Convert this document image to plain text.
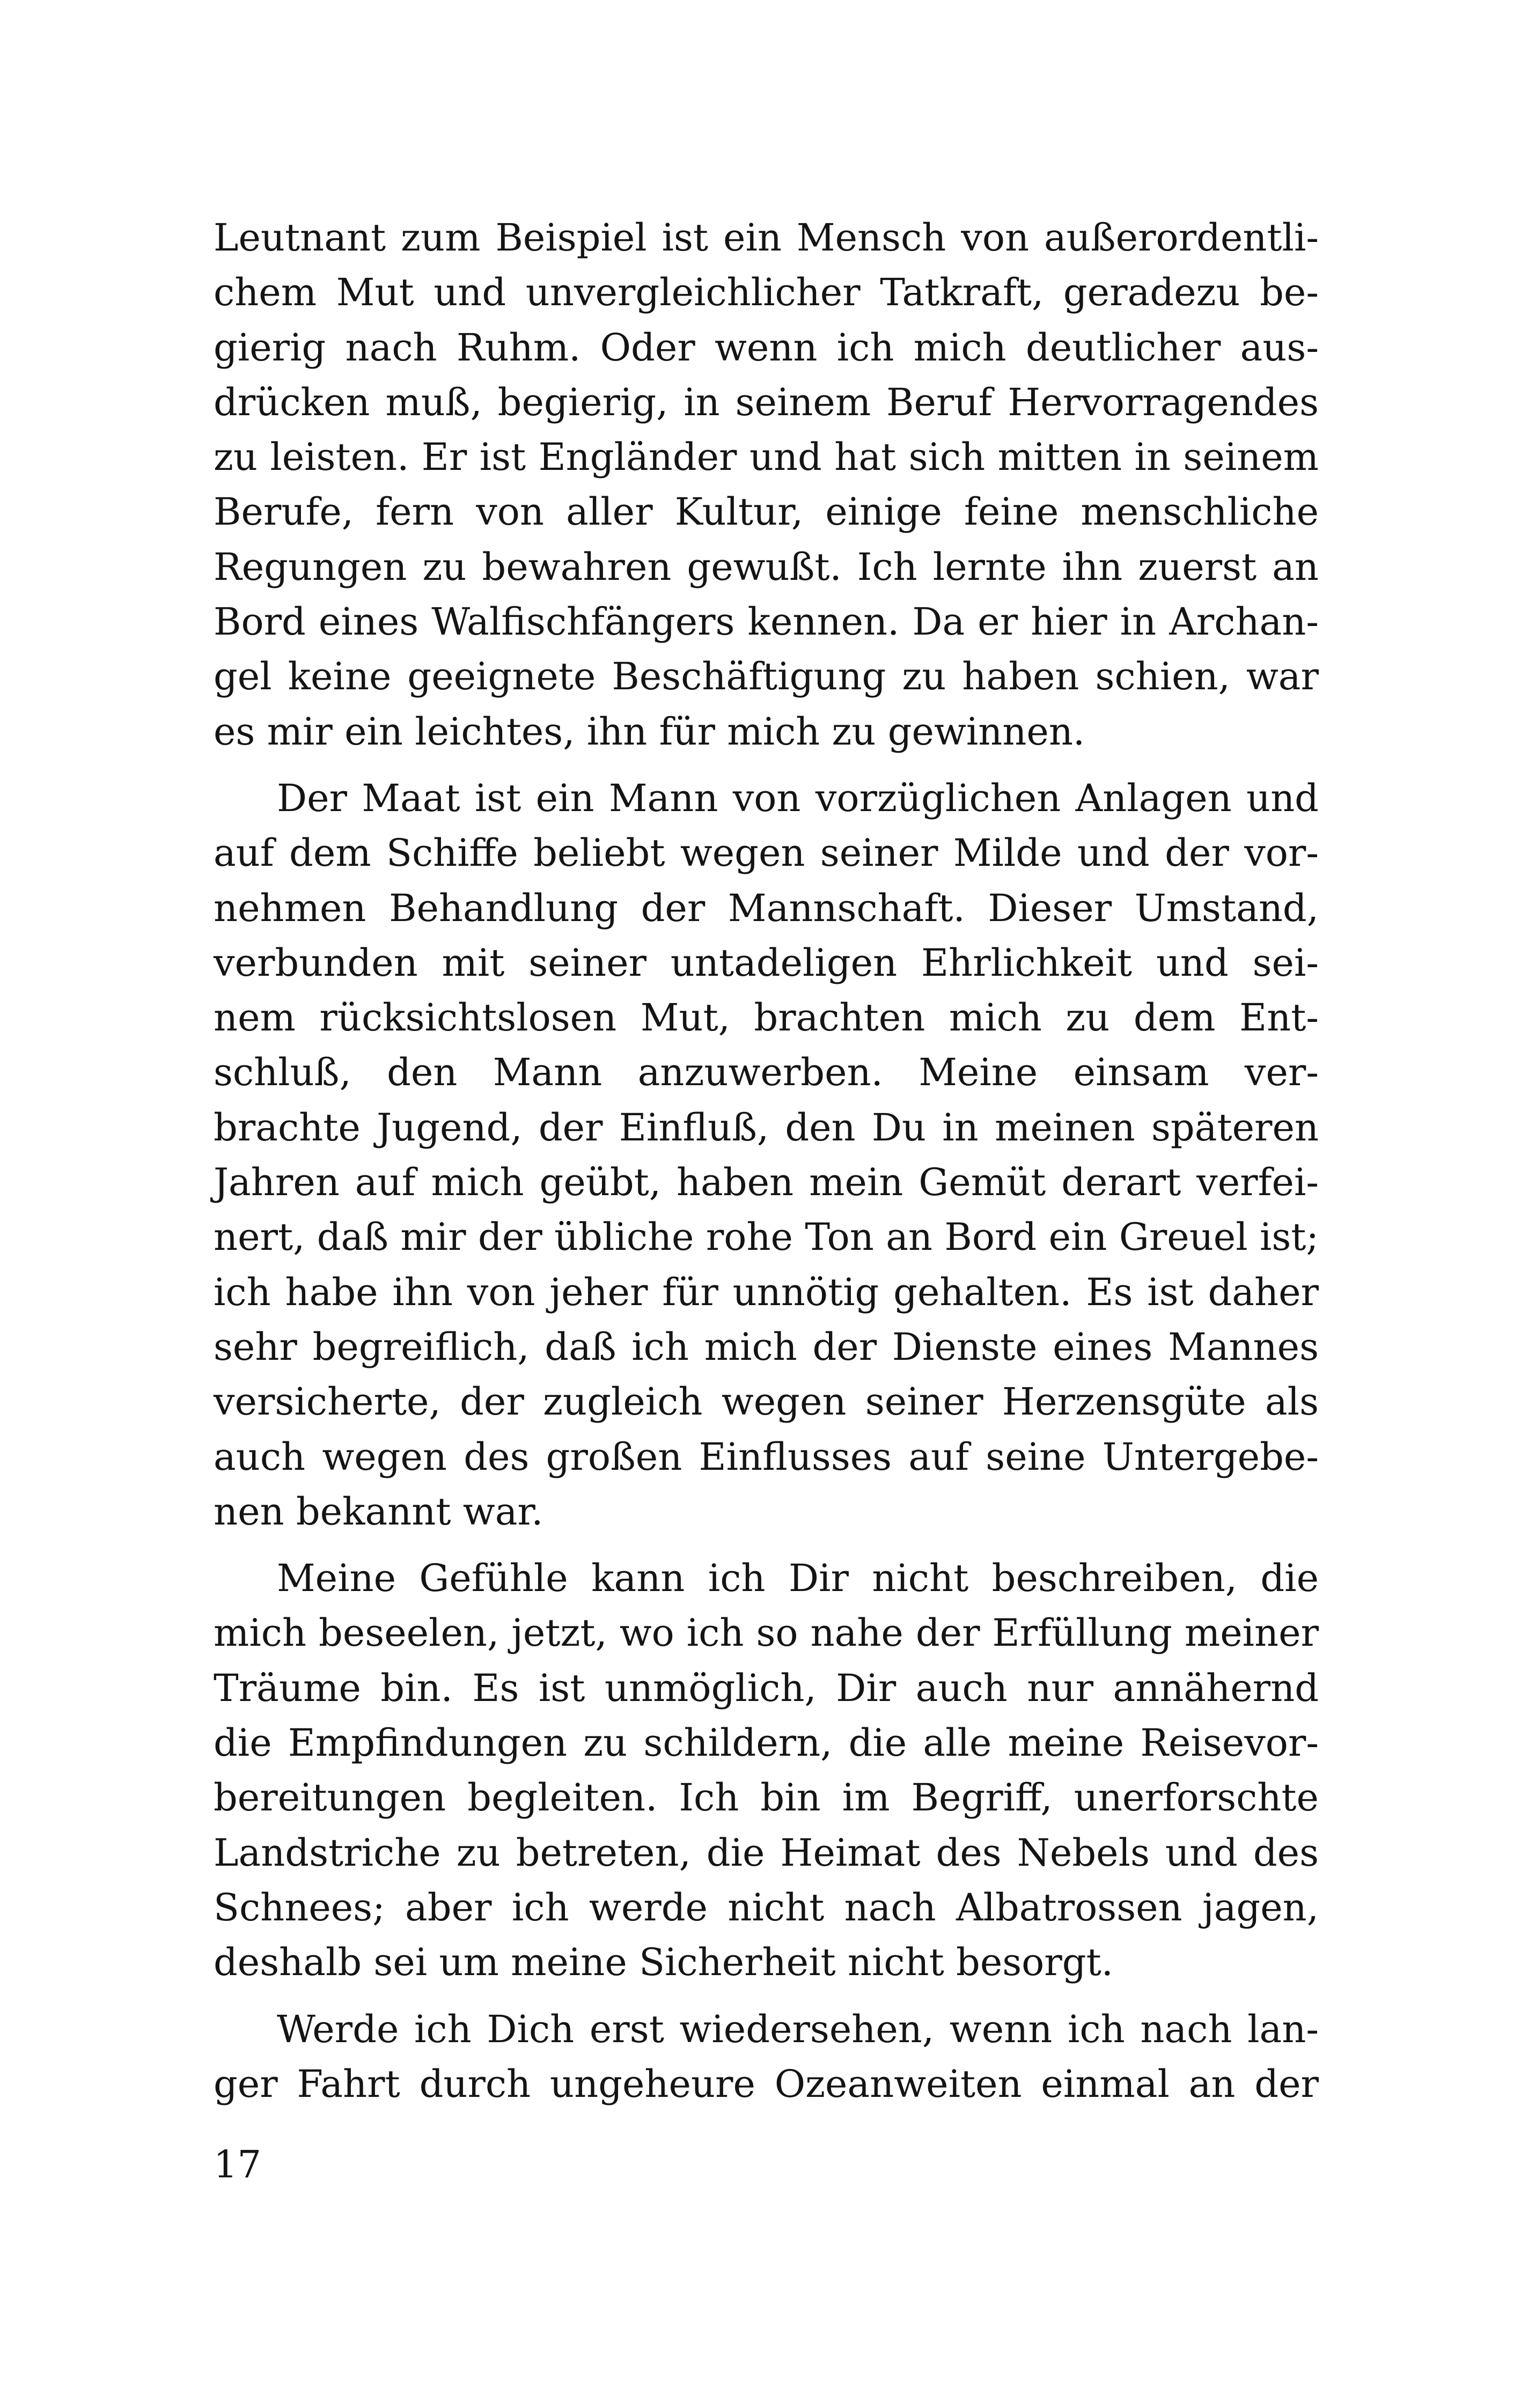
Leutnant zum Beispiel ist ein Mensch von außerordentli-
chem Mut und unvergleichlicher Tatkraft, geradezu be-
gierig nach Ruhm. Oder wenn ich mich deutlicher aus-
drücken muß, begierig, in seinem Beruf Hervorragendes
zu leisten. Er ist Engländer und hat sich mitten in seinem
Berufe, fern von aller Kultur, einige feine menschliche
Regungen zu bewahren gewußt. Ich lernte ihn zuerst an
Bord eines Walfischfängers kennen. Da er hier in Archan-
gel keine geeignete Beschäftigung zu haben schien, war
es mir ein leichtes, ihn für mich zu gewinnen.

Der Maat ist ein Mann von vorzüglichen Anlagen und
auf dem Schiffe beliebt wegen seiner Milde und der vor-
nehmen Behandlung der Mannschaft. Dieser Umstand,
verbunden mit seiner untadeligen Ehrlichkeit und sei-
nem rücksichtslosen Mut, brachten mich zu dem Ent-
schluß, den Mann anzuwerben. Meine einsam ver-
brachte Jugend, der Einfluß, den Du in meinen späteren
Jahren auf mich geübt, haben mein Gemüt derart verfei-
nert, daß mir der übliche rohe Ton an Bord ein Greuel ist;
ich habe ihn von jeher für unnötig gehalten. Es ist daher
sehr begreiflich, daß ich mich der Dienste eines Mannes
versicherte, der zugleich wegen seiner Herzensgüte als
auch wegen des großen Einflusses auf seine Untergebe-
nen bekannt war.

Meine Gefühle kann ich Dir nicht beschreiben, die
mich beseelen, jetzt, wo ich so nahe der Erfüllung meiner
Träume bin. Es ist unmöglich, Dir auch nur annähernd
die Empfindungen zu schildern, die alle meine Reisevor-
bereitungen begleiten. Ich bin im Begriff, unerforschte
Landstriche zu betreten, die Heimat des Nebels und des
Schnees; aber ich werde nicht nach Albatrossen jagen,
deshalb sei um meine Sicherheit nicht besorgt.

Werde ich Dich erst wiedersehen, wenn ich nach lan-
ger Fahrt durch ungeheure Ozeanweiten einmal an der

17
